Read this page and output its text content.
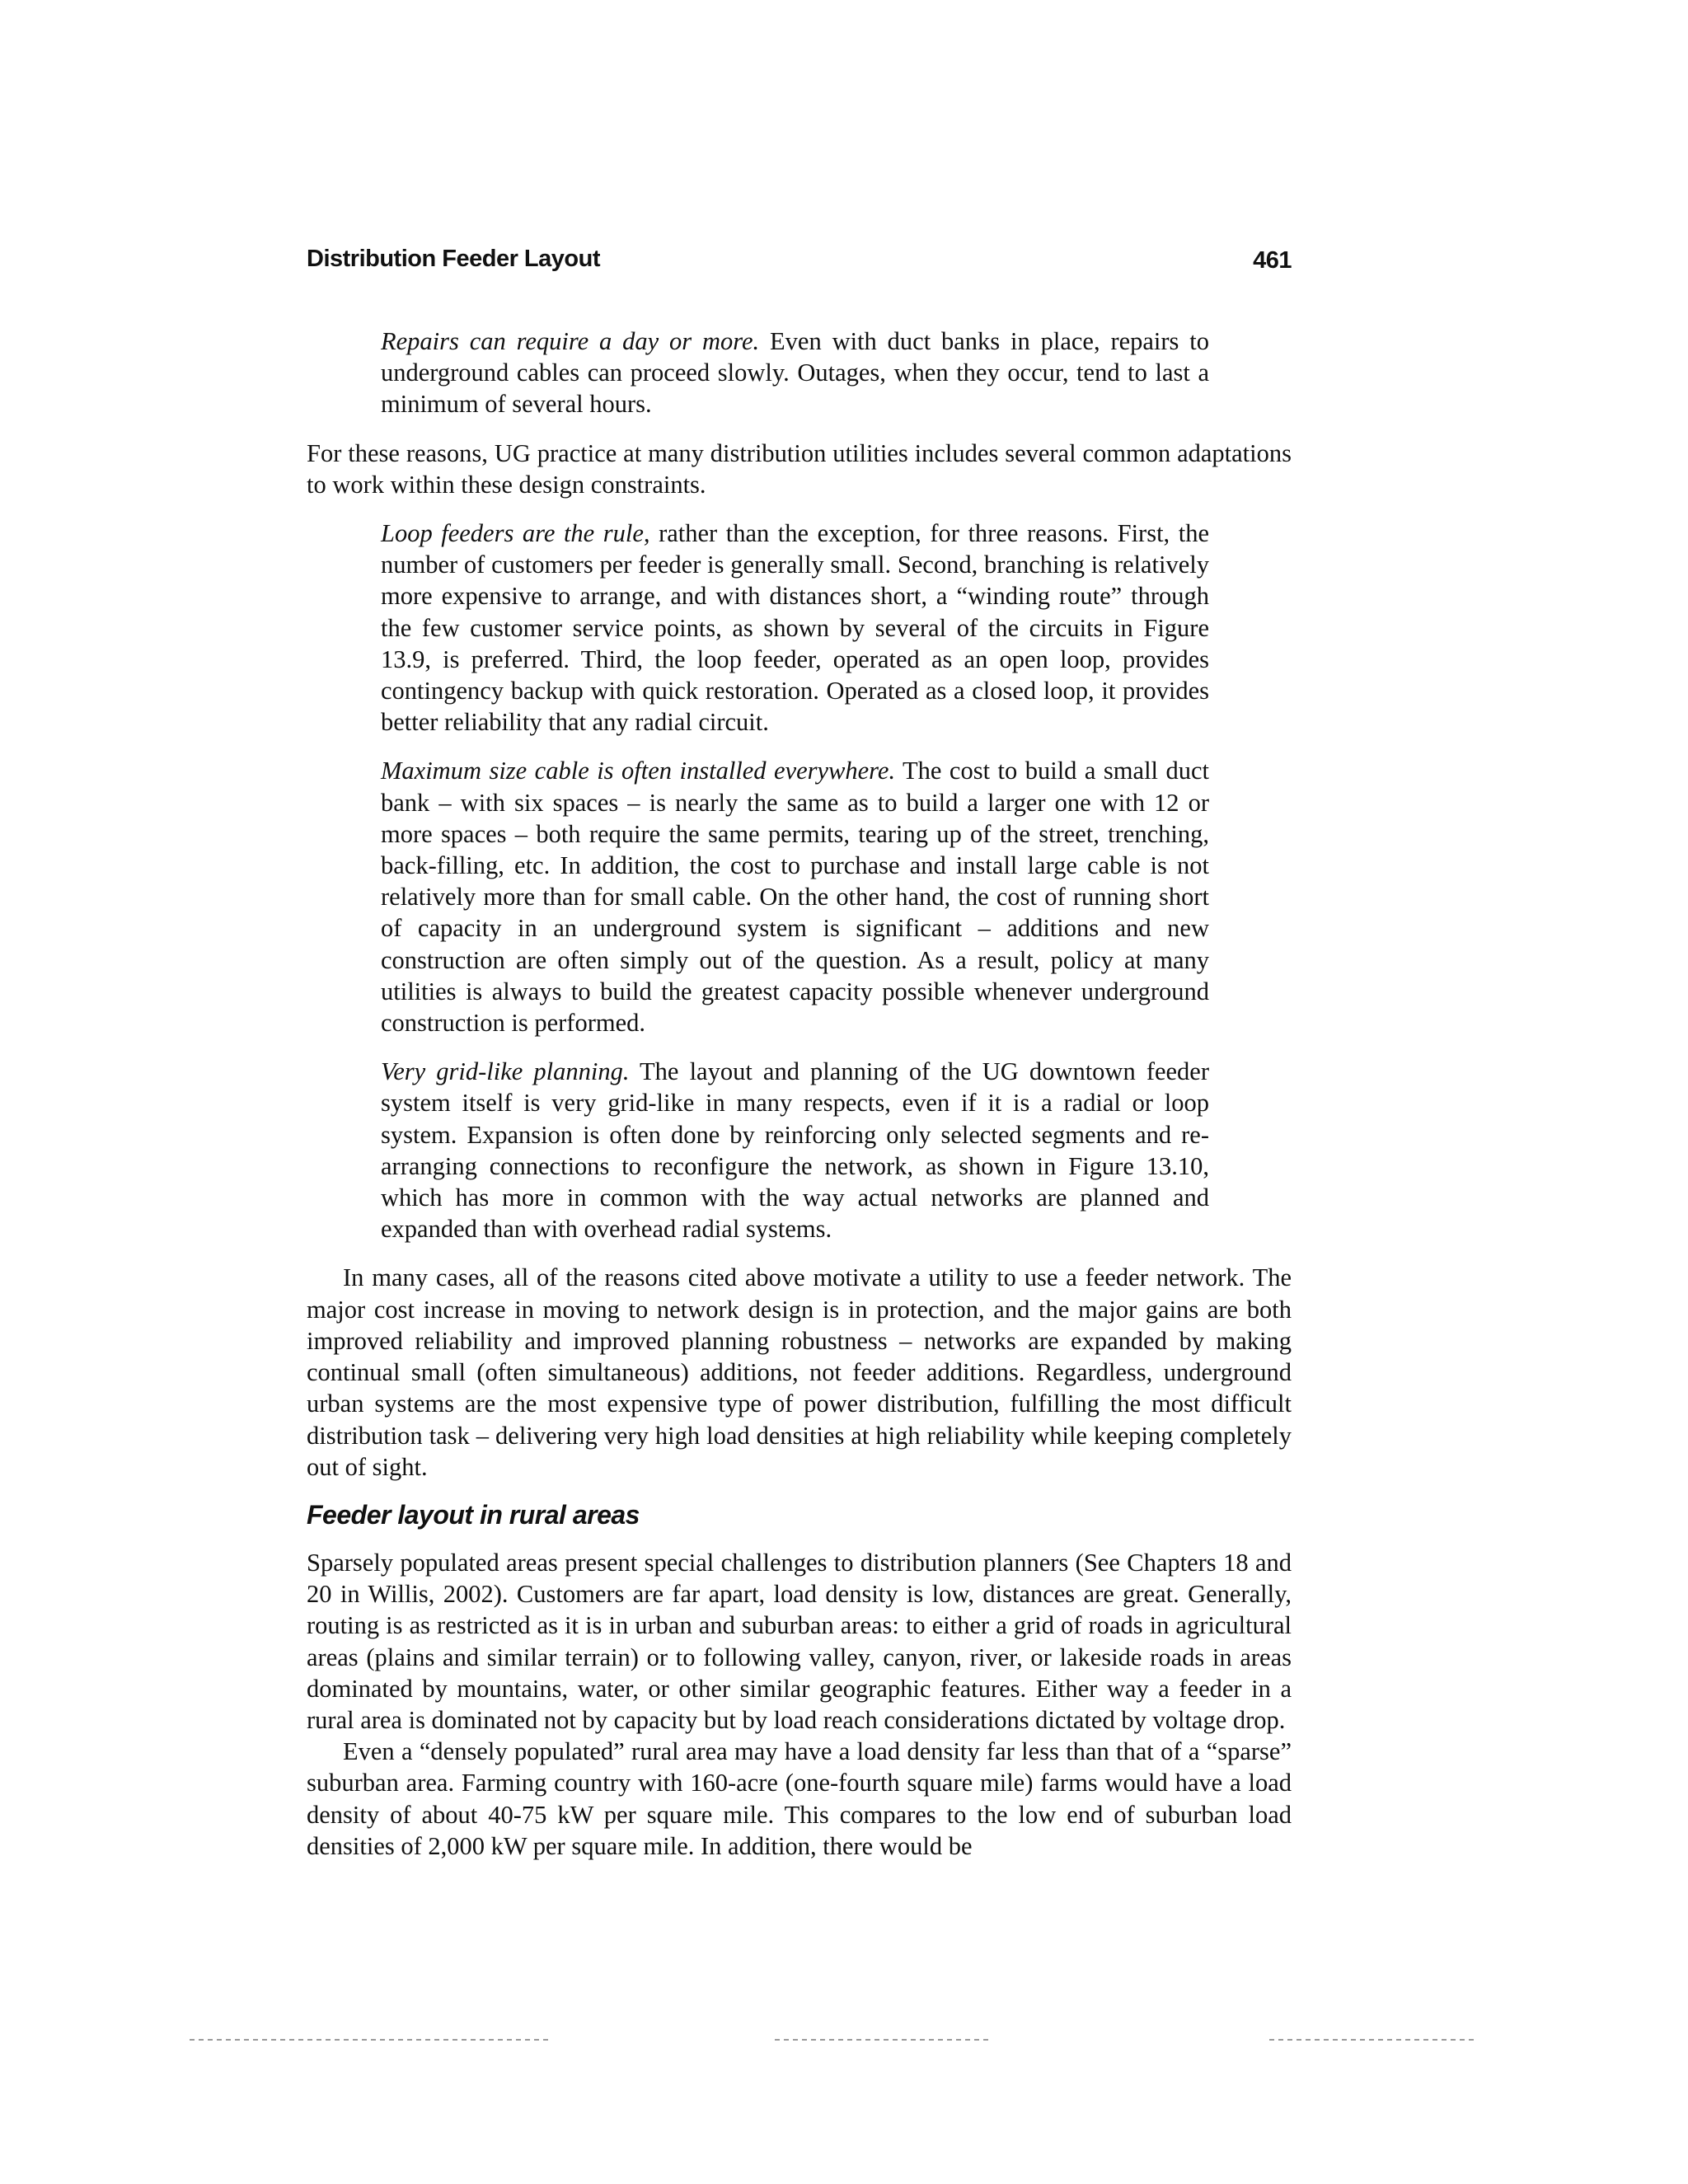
Distribution Feeder Layout	461

Repairs can require a day or more. Even with duct banks in place, repairs to underground cables can proceed slowly. Outages, when they occur, tend to last a minimum of several hours.

For these reasons, UG practice at many distribution utilities includes several common adaptations to work within these design constraints.

Loop feeders are the rule, rather than the exception, for three reasons. First, the number of customers per feeder is generally small. Second, branching is relatively more expensive to arrange, and with distances short, a “winding route” through the few customer service points, as shown by several of the circuits in Figure 13.9, is preferred. Third, the loop feeder, operated as an open loop, provides contingency backup with quick restoration. Operated as a closed loop, it provides better reliability that any radial circuit.

Maximum size cable is often installed everywhere. The cost to build a small duct bank – with six spaces – is nearly the same as to build a larger one with 12 or more spaces – both require the same permits, tearing up of the street, trenching, back-filling, etc. In addition, the cost to purchase and install large cable is not relatively more than for small cable. On the other hand, the cost of running short of capacity in an underground system is significant – additions and new construction are often simply out of the question. As a result, policy at many utilities is always to build the greatest capacity possible whenever underground construction is performed.

Very grid-like planning. The layout and planning of the UG downtown feeder system itself is very grid-like in many respects, even if it is a radial or loop system. Expansion is often done by reinforcing only selected segments and re-arranging connections to reconfigure the network, as shown in Figure 13.10, which has more in common with the way actual networks are planned and expanded than with overhead radial systems.

In many cases, all of the reasons cited above motivate a utility to use a feeder network. The major cost increase in moving to network design is in protection, and the major gains are both improved reliability and improved planning robustness – networks are expanded by making continual small (often simultaneous) additions, not feeder additions. Regardless, underground urban systems are the most expensive type of power distribution, fulfilling the most difficult distribution task – delivering very high load densities at high reliability while keeping completely out of sight.

Feeder layout in rural areas

Sparsely populated areas present special challenges to distribution planners (See Chapters 18 and 20 in Willis, 2002). Customers are far apart, load density is low, distances are great. Generally, routing is as restricted as it is in urban and suburban areas: to either a grid of roads in agricultural areas (plains and similar terrain) or to following valley, canyon, river, or lakeside roads in areas dominated by mountains, water, or other similar geographic features. Either way a feeder in a rural area is dominated not by capacity but by load reach considerations dictated by voltage drop.

Even a “densely populated” rural area may have a load density far less than that of a “sparse” suburban area. Farming country with 160-acre (one-fourth square mile) farms would have a load density of about 40-75 kW per square mile. This compares to the low end of suburban load densities of 2,000 kW per square mile. In addition, there would be
